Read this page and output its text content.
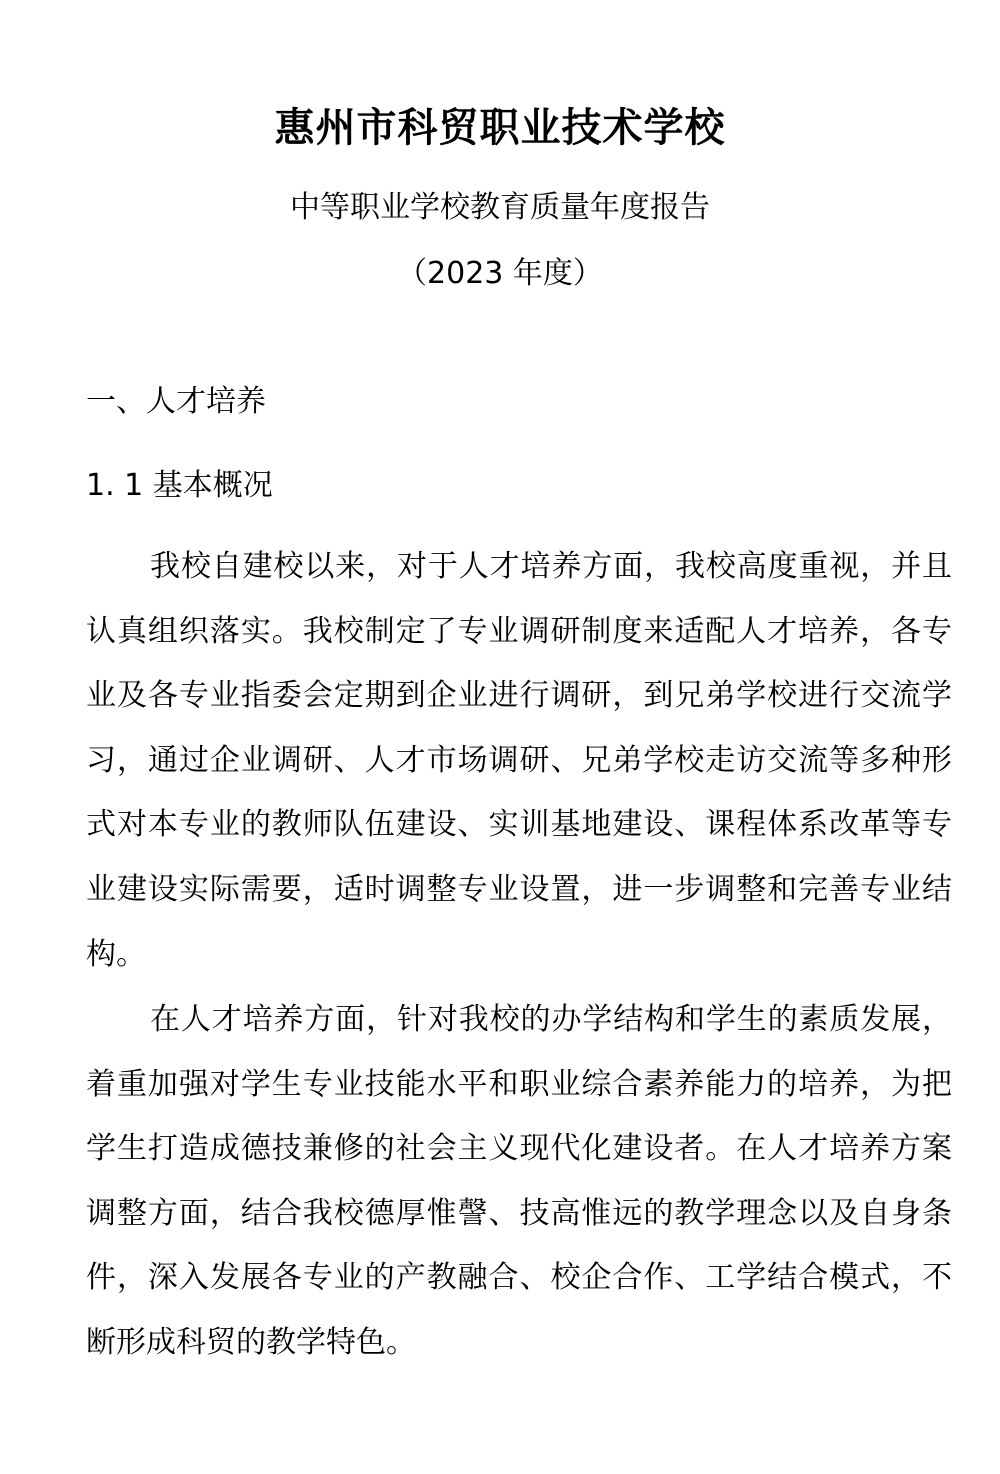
惠州市科贸职业技术学校
中等职业学校教育质量年度报告
（2023 年度）
一、人才培养
1. 1 基本概况

我校自建校以来，对于人才培养方面，我校高度重视，并且认真组织落实。我校制定了专业调研制度来适配人才培养，各专业及各专业指委会定期到企业进行调研，到兄弟学校进行交流学习，通过企业调研、人才市场调研、兄弟学校走访交流等多种形式对本专业的教师队伍建设、实训基地建设、课程体系改革等专业建设实际需要，适时调整专业设置，进一步调整和完善专业结构。

在人才培养方面，针对我校的办学结构和学生的素质发展，着重加强对学生专业技能水平和职业综合素养能力的培养，为把学生打造成德技兼修的社会主义现代化建设者。在人才培养方案调整方面，结合我校德厚惟謦、技高惟远的教学理念以及自身条件，深入发展各专业的产教融合、校企合作、工学结合模式，不断形成科贸的教学特色。
